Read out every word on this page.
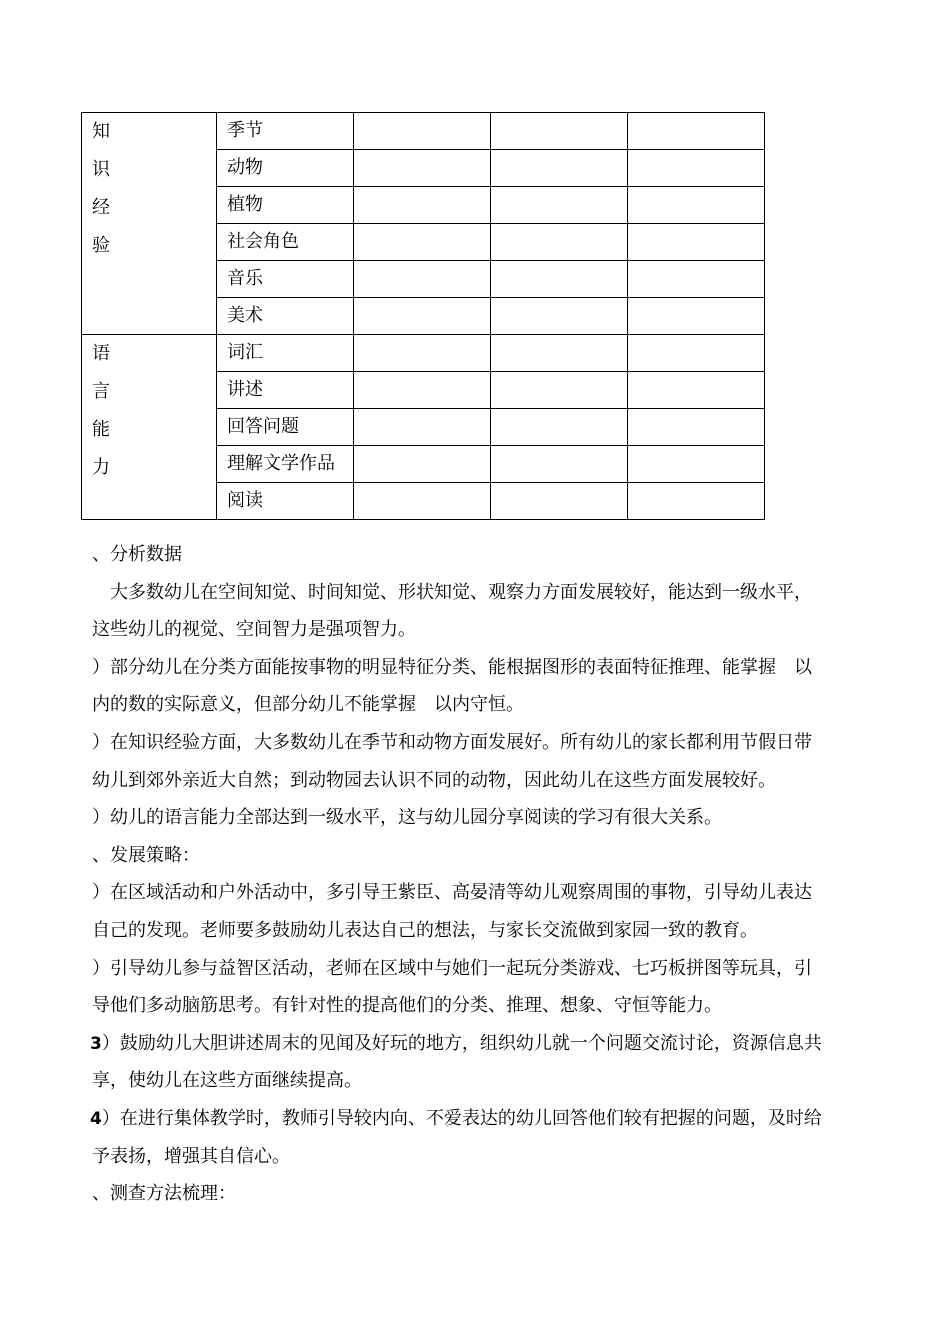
知
识
经
验	季节			
	动物			
	植物			
	社会角色			
	音乐			
	美术			

语
言
能
力	词汇			
	讲述			
	回答问题			
	理解文学作品			
	阅读			
、分析数据
大多数幼儿在空间知觉、时间知觉、形状知觉、观察力方面发展较好，能达到一级水平，
这些幼儿的视觉、空间智力是强项智力。
）部分幼儿在分类方面能按事物的明显特征分类、能根据图形的表面特征推理、能掌握　以
内的数的实际意义，但部分幼儿不能掌握　以内守恒。
）在知识经验方面，大多数幼儿在季节和动物方面发展好。所有幼儿的家长都利用节假日带
幼儿到郊外亲近大自然；到动物园去认识不同的动物，因此幼儿在这些方面发展较好。
）幼儿的语言能力全部达到一级水平，这与幼儿园分享阅读的学习有很大关系。
、发展策略：
）在区域活动和户外活动中，多引导王紫臣、高晏清等幼儿观察周围的事物，引导幼儿表达
自己的发现。老师要多鼓励幼儿表达自己的想法，与家长交流做到家园一致的教育。
）引导幼儿参与益智区活动，老师在区域中与她们一起玩分类游戏、七巧板拼图等玩具，引
导他们多动脑筋思考。有针对性的提高他们的分类、推理、想象、守恒等能力。
3）鼓励幼儿大胆讲述周末的见闻及好玩的地方，组织幼儿就一个问题交流讨论，资源信息共
享，使幼儿在这些方面继续提高。
4）在进行集体教学时，教师引导较内向、不爱表达的幼儿回答他们较有把握的问题，及时给
予表扬，增强其自信心。
、测查方法梳理：
